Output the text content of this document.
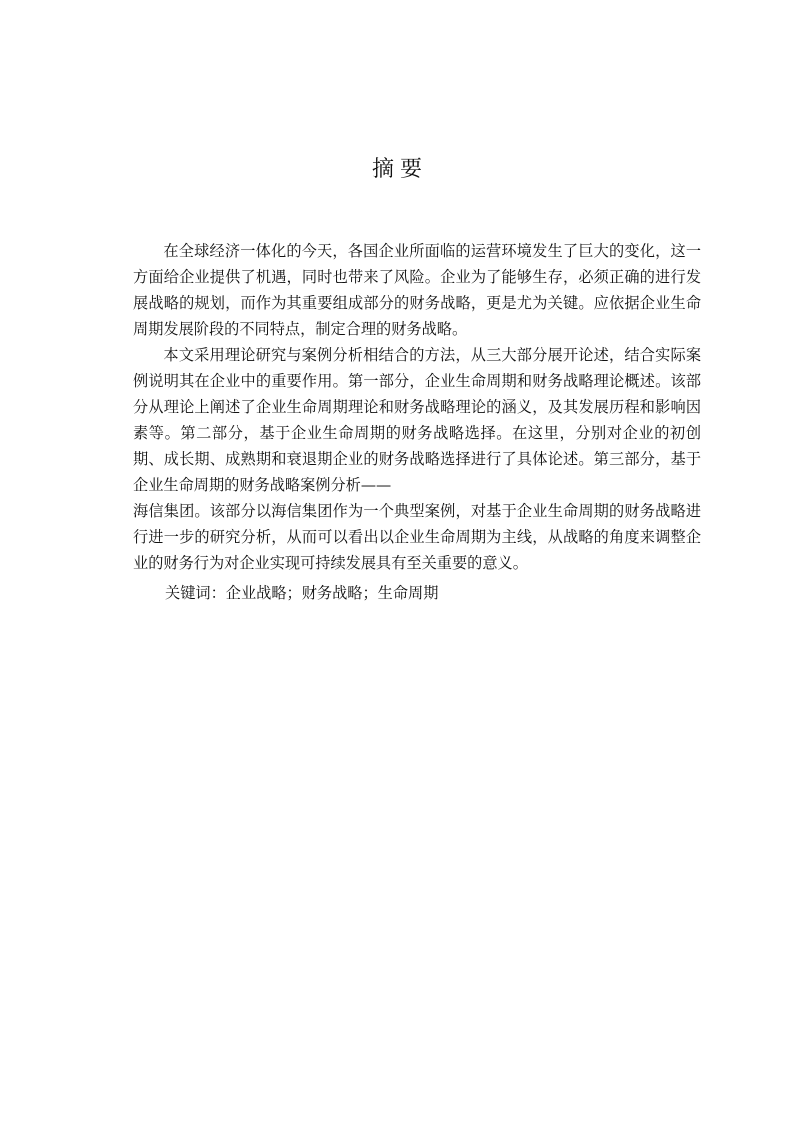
摘要

在全球经济一体化的今天，各国企业所面临的运营环境发生了巨大的变化，这一方面给企业提供了机遇，同时也带来了风险。企业为了能够生存，必须正确的进行发展战略的规划，而作为其重要组成部分的财务战略，更是尤为关键。应依据企业生命周期发展阶段的不同特点，制定合理的财务战略。

本文采用理论研究与案例分析相结合的方法，从三大部分展开论述，结合实际案例说明其在企业中的重要作用。第一部分，企业生命周期和财务战略理论概述。该部分从理论上阐述了企业生命周期理论和财务战略理论的涵义，及其发展历程和影响因素等。第二部分，基于企业生命周期的财务战略选择。在这里，分别对企业的初创期、成长期、成熟期和衰退期企业的财务战略选择进行了具体论述。第三部分，基于企业生命周期的财务战略案例分析——

海信集团。该部分以海信集团作为一个典型案例，对基于企业生命周期的财务战略进行进一步的研究分析，从而可以看出以企业生命周期为主线，从战略的角度来调整企业的财务行为对企业实现可持续发展具有至关重要的意义。

关键词：企业战略；财务战略；生命周期
